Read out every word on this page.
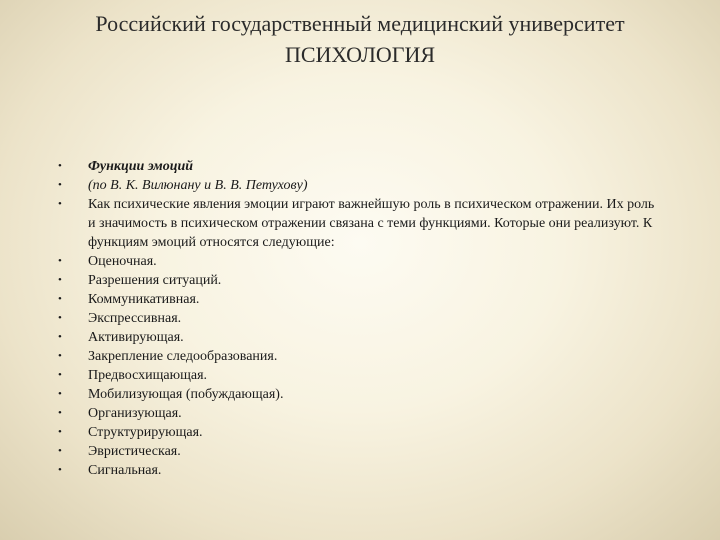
Российский государственный медицинский университет
ПСИХОЛОГИЯ
• Функции эмоций
• (по В. К. Вилюнану и В. В. Петухову)
• Как психические явления эмоции играют важнейшую роль в психическом отражении. Их роль и значимость в психическом отражении связана с теми функциями. Которые они реализуют. К функциям эмоций относятся следующие:
• Оценочная.
• Разрешения ситуаций.
• Коммуникативная.
• Экспрессивная.
• Активирующая.
• Закрепление следообразования.
• Предвосхищающая.
• Мобилизующая (побуждающая).
• Организующая.
• Структурирующая.
• Эвристическая.
• Сигнальная.
